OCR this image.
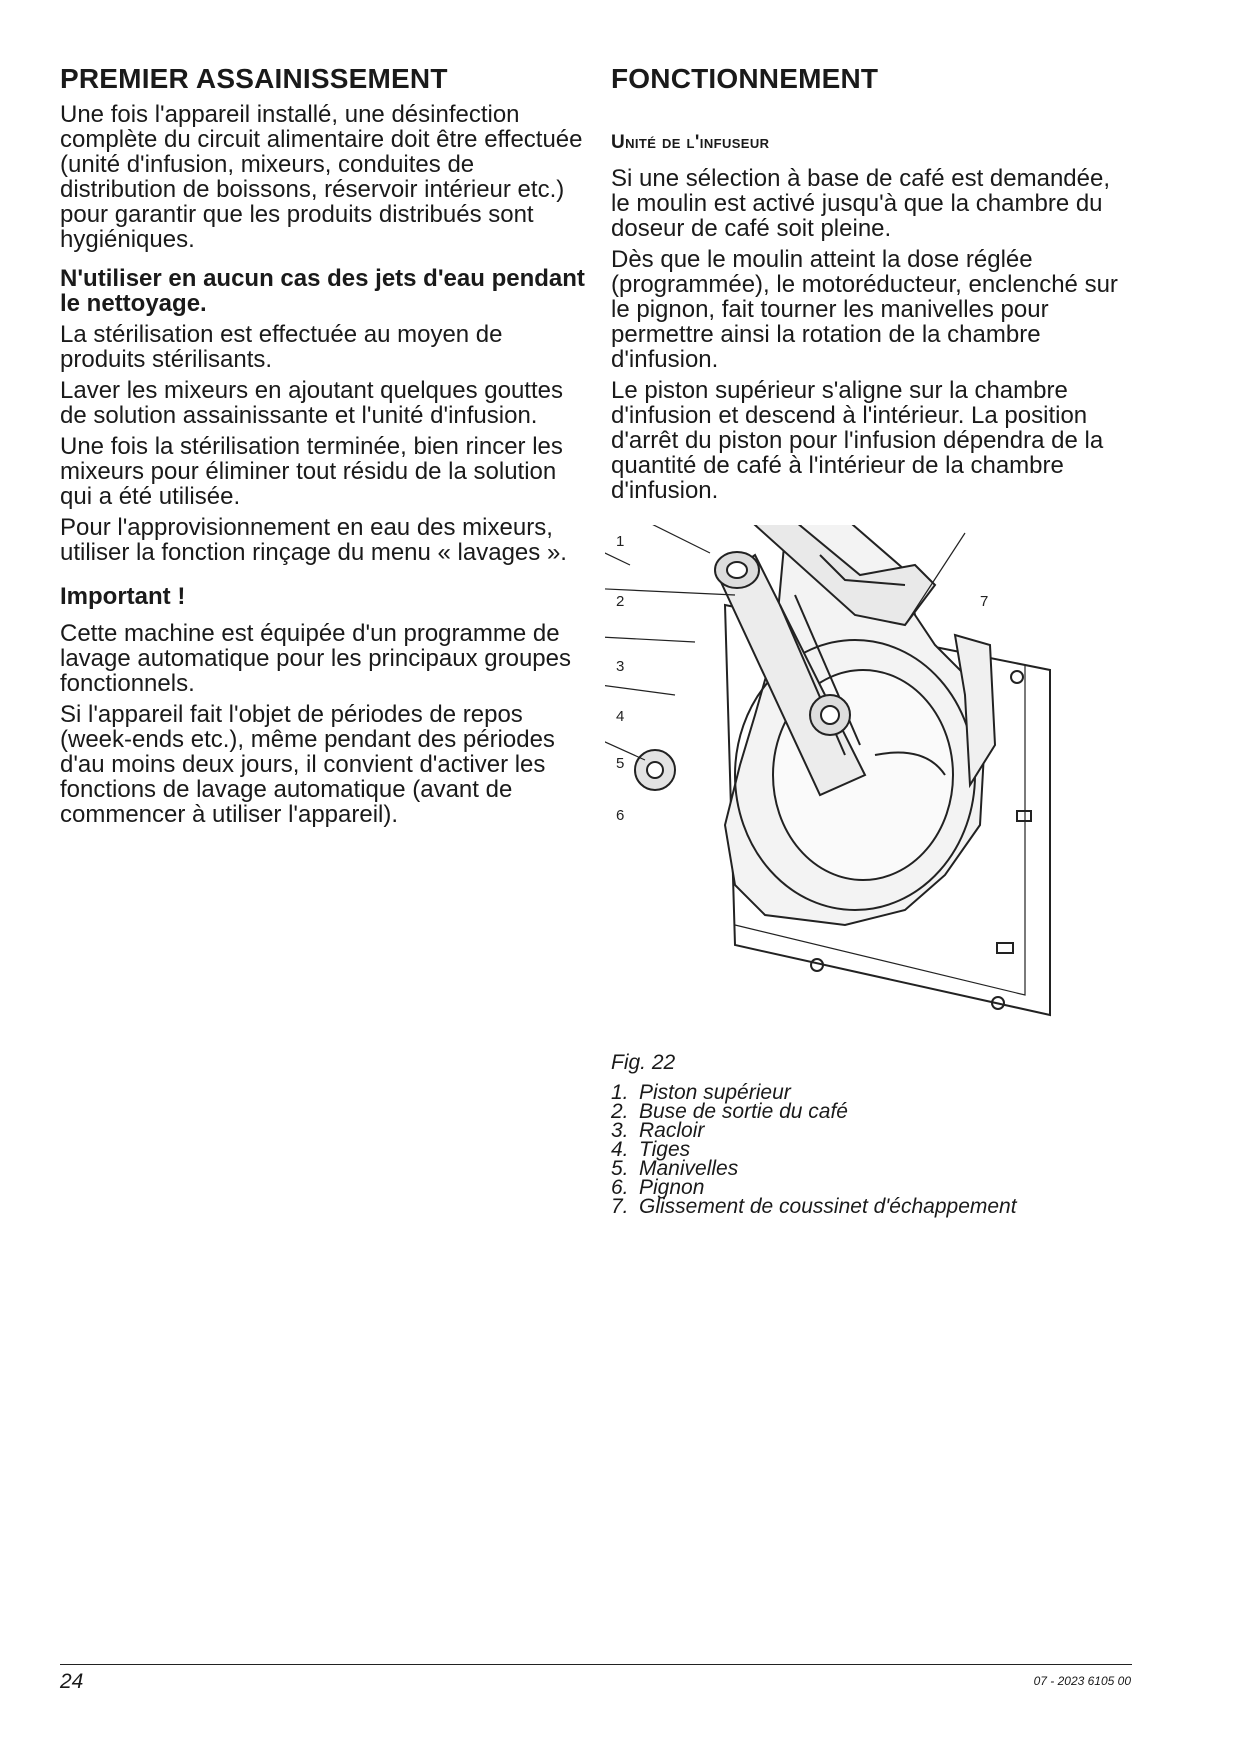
PREMIER ASSAINISSEMENT

Une fois l'appareil installé, une désinfection complète du circuit alimentaire doit être effectuée (unité d'infusion, mixeurs, conduites de distribution de boissons, réservoir intérieur etc.) pour garantir que les produits distribués sont hygiéniques.

N'utiliser en aucun cas des jets d'eau pendant le nettoyage.

La stérilisation est effectuée au moyen de produits stérilisants.

Laver les mixeurs en ajoutant quelques gouttes de solution assainissante et l'unité d'infusion.

Une fois la stérilisation terminée, bien rincer les mixeurs pour éliminer tout résidu de la solution qui a été utilisée.

Pour l'approvisionnement en eau des mixeurs, utiliser la fonction rinçage du menu « lavages ».

Important !

Cette machine est équipée d'un programme de lavage automatique pour les principaux groupes fonctionnels.

Si l'appareil fait l'objet de périodes de repos (week-ends etc.), même pendant des périodes d'au moins deux jours, il convient d'activer les fonctions de lavage automatique (avant de commencer à utiliser l'appareil).

FONCTIONNEMENT
Unité de l'infuseur

Si une sélection à base de café est demandée, le moulin est activé jusqu'à que la chambre du doseur de café soit pleine.

Dès que le moulin atteint la dose réglée (programmée), le motoréducteur, enclenché sur le pignon, fait tourner les manivelles pour permettre ainsi la rotation de la chambre d'infusion.

Le piston supérieur s'aligne sur la chambre d'infusion et descend à l'intérieur. La position d'arrêt du piston pour l'infusion dépendra de la quantité de café à l'intérieur de la chambre d'infusion.

1
2
3
4
5
6
7
Fig. 22
1. Piston supérieur
2. Buse de sortie du café
3. Racloir
4. Tiges
5. Manivelles
6. Pignon
7. Glissement de coussinet d'échappement
24	07 - 2023 6105 00
